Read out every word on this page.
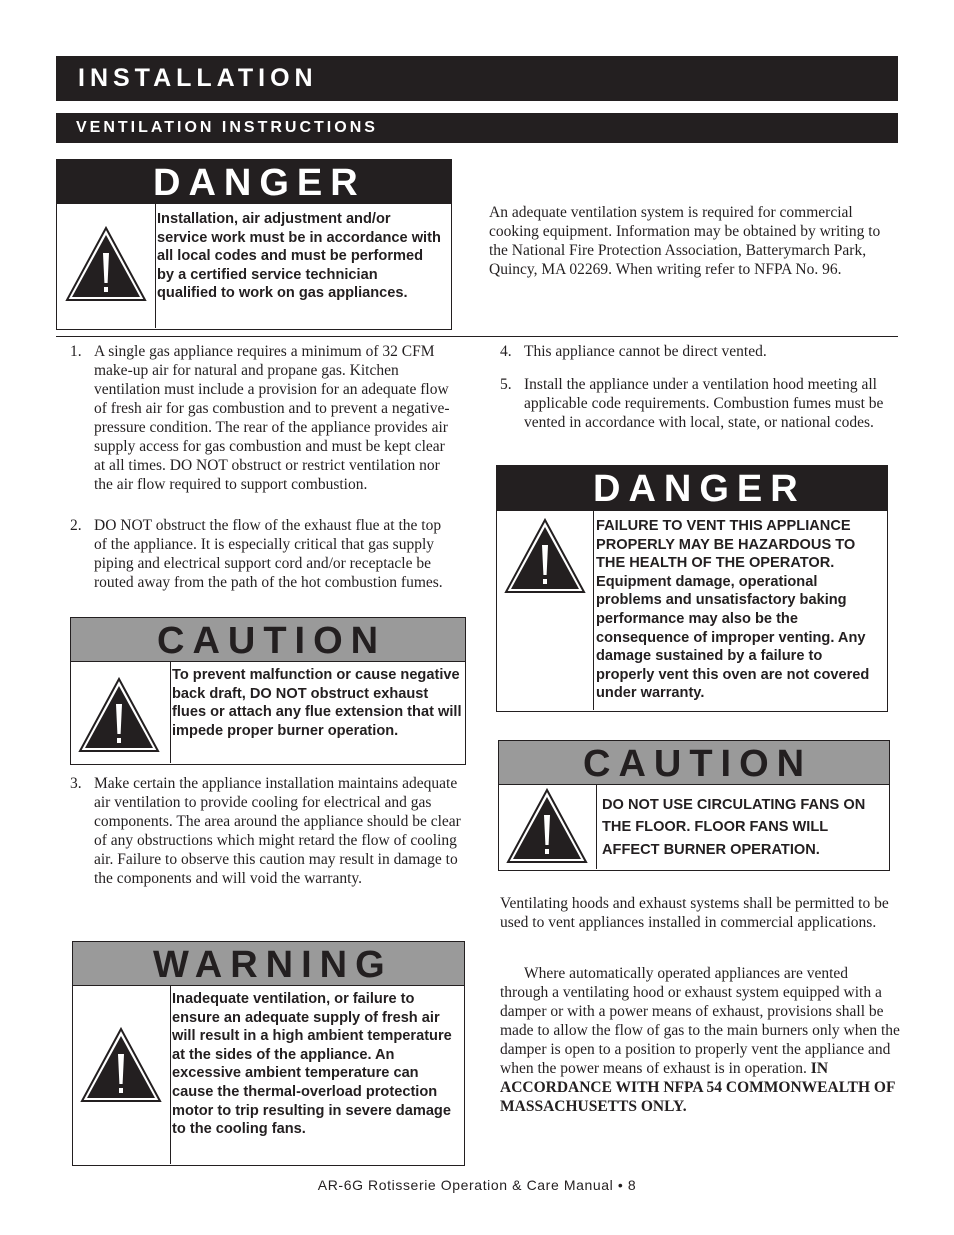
INSTALLATION
VENTILATION INSTRUCTIONS
DANGER
Installation, air adjustment and/or service work must be in accordance with all local codes and must be performed by a certified service technician qualified to work on gas appliances.
An adequate ventilation system is required for commercial cooking equipment. Information may be obtained by writing to the National Fire Protection Association, Batterymarch Park, Quincy, MA 02269. When writing refer to NFPA No. 96.
1. A single gas appliance requires a minimum of 32 CFM make-up air for natural and propane gas. Kitchen ventilation must include a provision for an adequate flow of fresh air for gas combustion and to prevent a negative-pressure condition. The rear of the appliance provides air supply access for gas combustion and must be kept clear at all times. DO NOT obstruct or restrict ventilation nor the air flow required to support combustion.
2. DO NOT obstruct the flow of the exhaust flue at the top of the appliance. It is especially critical that gas supply piping and electrical support cord and/or receptacle be routed away from the path of the hot combustion fumes.
CAUTION
To prevent malfunction or cause negative back draft, DO NOT obstruct exhaust flues or attach any flue extension that will impede proper burner operation.
3. Make certain the appliance installation maintains adequate air ventilation to provide cooling for electrical and gas components. The area around the appliance should be clear of any obstructions which might retard the flow of cooling air. Failure to observe this caution may result in damage to the components and will void the warranty.
WARNING
Inadequate ventilation, or failure to ensure an adequate supply of fresh air will result in a high ambient temperature at the sides of the appliance. An excessive ambient temperature can cause the thermal-overload protection motor to trip resulting in severe damage to the cooling fans.
4. This appliance cannot be direct vented.
5. Install the appliance under a ventilation hood meeting all applicable code requirements. Combustion fumes must be vented in accordance with local, state, or national codes.
DANGER
FAILURE TO VENT THIS APPLIANCE PROPERLY MAY BE HAZARDOUS TO THE HEALTH OF THE OPERATOR. Equipment damage, operational problems and unsatisfactory baking performance may also be the consequence of improper venting. Any damage sustained by a failure to properly vent this oven are not covered under warranty.
CAUTION
DO NOT USE CIRCULATING FANS ON THE FLOOR. FLOOR FANS WILL AFFECT BURNER OPERATION.
Ventilating hoods and exhaust systems shall be permitted to be used to vent appliances installed in commercial applications.
Where automatically operated appliances are vented through a ventilating hood or exhaust system equipped with a damper or with a power means of exhaust, provisions shall be made to allow the flow of gas to the main burners only when the damper is open to a position to properly vent the appliance and when the power means of exhaust is in operation. IN ACCORDANCE WITH NFPA 54 COMMONWEALTH OF MASSACHUSETTS ONLY.
AR-6G Rotisserie Operation & Care Manual • 8
